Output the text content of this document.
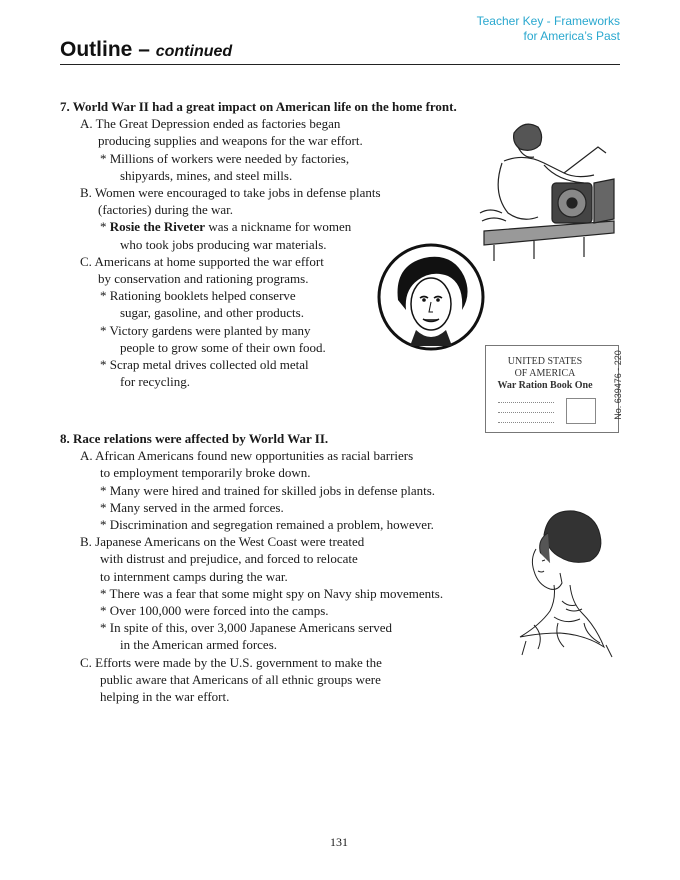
Teacher Key - Frameworks
for America’s Past
Outline – continued
7. World War II had a great impact on American life on the home front.
A. The Great Depression ended as factories began
producing supplies and weapons for the war effort.
* Millions of workers were needed by factories,
shipyards, mines, and steel mills.
B. Women were encouraged to take jobs in defense plants
(factories) during the war.
* Rosie the Riveter was a nickname for women
who took jobs producing war materials.
C. Americans at home supported the war effort
by conservation and rationing programs.
* Rationing booklets helped conserve
sugar, gasoline, and other products.
* Victory gardens were planted by many
people to grow some of their own food.
* Scrap metal drives collected old metal
for recycling.
8. Race relations were affected by World War II.
A. African Americans found new opportunities as racial barriers
to employment temporarily broke down.
* Many were hired and trained for skilled jobs in defense plants.
* Many served in the armed forces.
* Discrimination and segregation remained a problem, however.
B. Japanese Americans on the West Coast were treated
with distrust and prejudice, and forced to relocate
to internment camps during the war.
* There was a fear that some might spy on Navy ship movements.
* Over 100,000 were forced into the camps.
* In spite of this, over 3,000 Japanese Americans served
in the American armed forces.
C. Efforts were made by the U.S. government to make the
public aware that Americans of all ethnic groups were
helping in the war effort.
UNITED STATES
OF AMERICA
War Ration Book One	No. 639476 - 220
131
